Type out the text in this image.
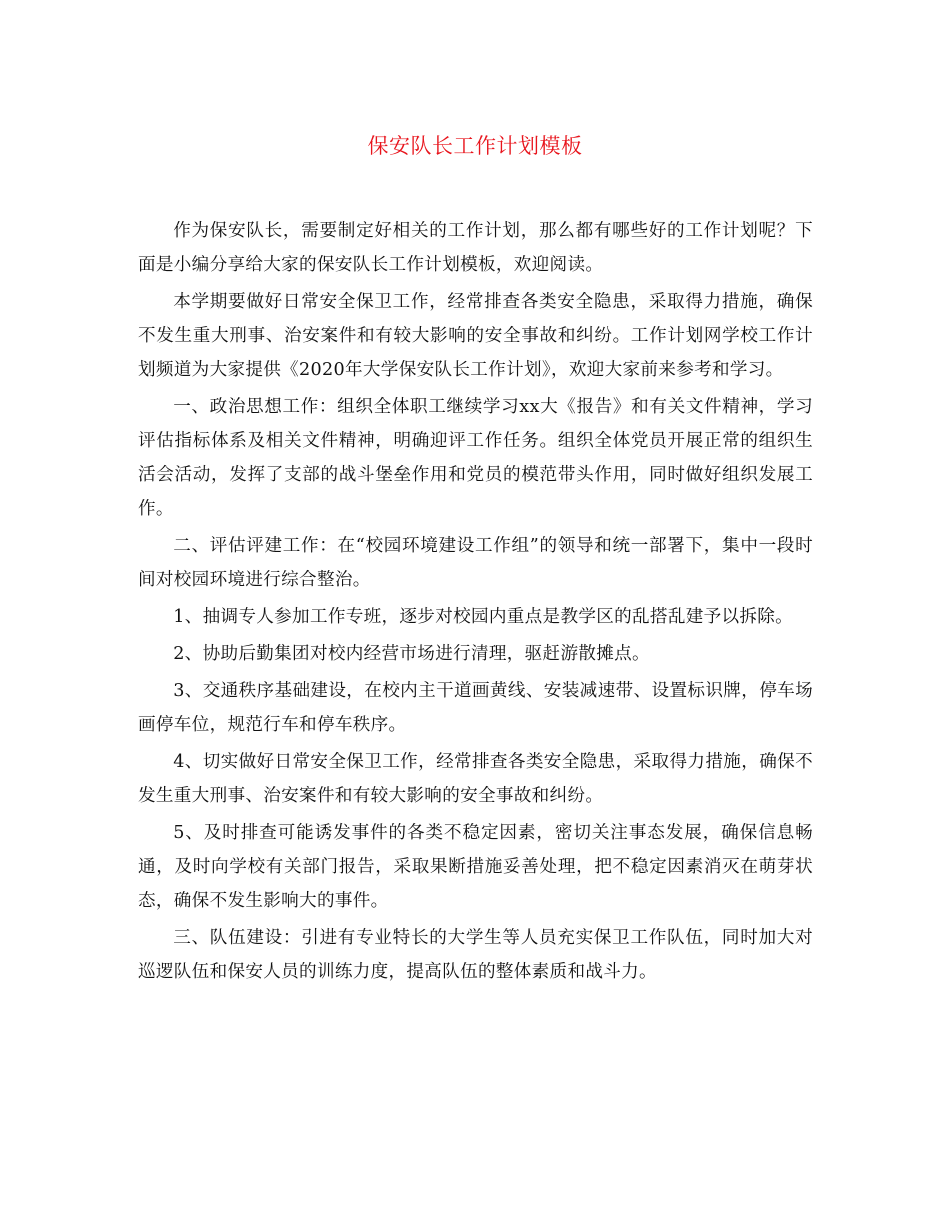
保安队长工作计划模板

作为保安队长，需要制定好相关的工作计划，那么都有哪些好的工作计划呢？下面是小编分享给大家的保安队长工作计划模板，欢迎阅读。

本学期要做好日常安全保卫工作，经常排查各类安全隐患，采取得力措施，确保不发生重大刑事、治安案件和有较大影响的安全事故和纠纷。工作计划网学校工作计划频道为大家提供《2020年大学保安队长工作计划》，欢迎大家前来参考和学习。

一、政治思想工作：组织全体职工继续学习xx大《报告》和有关文件精神，学习评估指标体系及相关文件精神，明确迎评工作任务。组织全体党员开展正常的组织生活会活动，发挥了支部的战斗堡垒作用和党员的模范带头作用，同时做好组织发展工作。

二、评估评建工作：在“校园环境建设工作组”的领导和统一部署下，集中一段时间对校园环境进行综合整治。

1、抽调专人参加工作专班，逐步对校园内重点是教学区的乱搭乱建予以拆除。

2、协助后勤集团对校内经营市场进行清理，驱赶游散摊点。

3、交通秩序基础建设，在校内主干道画黄线、安装减速带、设置标识牌，停车场画停车位，规范行车和停车秩序。

4、切实做好日常安全保卫工作，经常排查各类安全隐患，采取得力措施，确保不发生重大刑事、治安案件和有较大影响的安全事故和纠纷。

5、及时排查可能诱发事件的各类不稳定因素，密切关注事态发展，确保信息畅通，及时向学校有关部门报告，采取果断措施妥善处理，把不稳定因素消灭在萌芽状态，确保不发生影响大的事件。

三、队伍建设：引进有专业特长的大学生等人员充实保卫工作队伍，同时加大对巡逻队伍和保安人员的训练力度，提高队伍的整体素质和战斗力。
